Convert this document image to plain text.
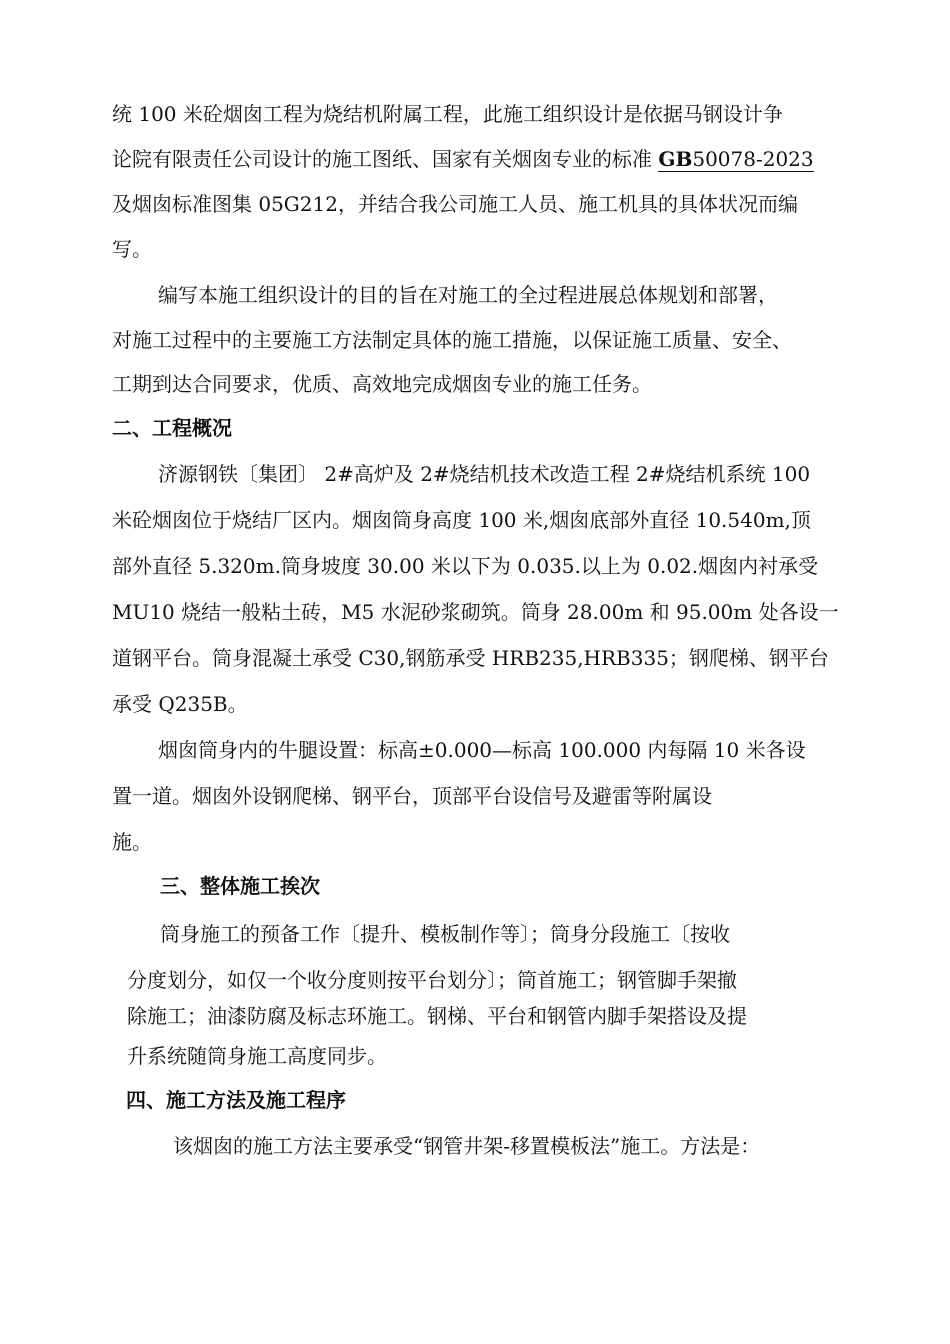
统 100 米砼烟囱工程为烧结机附属工程，此施工组织设计是依据马钢设计争
论院有限责任公司设计的施工图纸、国家有关烟囱专业的标准 GB50078-2023
及烟囱标准图集 05G212，并结合我公司施工人员、施工机具的具体状况而编
写。
编写本施工组织设计的目的旨在对施工的全过程进展总体规划和部署，
对施工过程中的主要施工方法制定具体的施工措施，以保证施工质量、安全、
工期到达合同要求，优质、高效地完成烟囱专业的施工任务。
二、工程概况
济源钢铁〔集团〕 2#高炉及 2#烧结机技术改造工程 2#烧结机系统 100
米砼烟囱位于烧结厂区内。烟囱筒身高度 100 米,烟囱底部外直径 10.540m,顶
部外直径 5.320m.筒身坡度 30.00 米以下为 0.035.以上为 0.02.烟囱内衬承受
MU10 烧结一般粘土砖，M5 水泥砂浆砌筑。筒身 28.00m 和 95.00m 处各设一
道钢平台。筒身混凝土承受 C30,钢筋承受 HRB235,HRB335；钢爬梯、钢平台
承受 Q235B。
烟囱筒身内的牛腿设置：标高±0.000—标高 100.000 内每隔 10 米各设
置一道。烟囱外设钢爬梯、钢平台，顶部平台设信号及避雷等附属设
施。
三、整体施工挨次
筒身施工的预备工作〔提升、模板制作等〕；筒身分段施工〔按收
分度划分，如仅一个收分度则按平台划分〕；筒首施工；钢管脚手架撤
除施工；油漆防腐及标志环施工。钢梯、平台和钢管内脚手架搭设及提
升系统随筒身施工高度同步。
四、施工方法及施工程序
该烟囱的施工方法主要承受“钢管井架-移置模板法”施工。方法是：
